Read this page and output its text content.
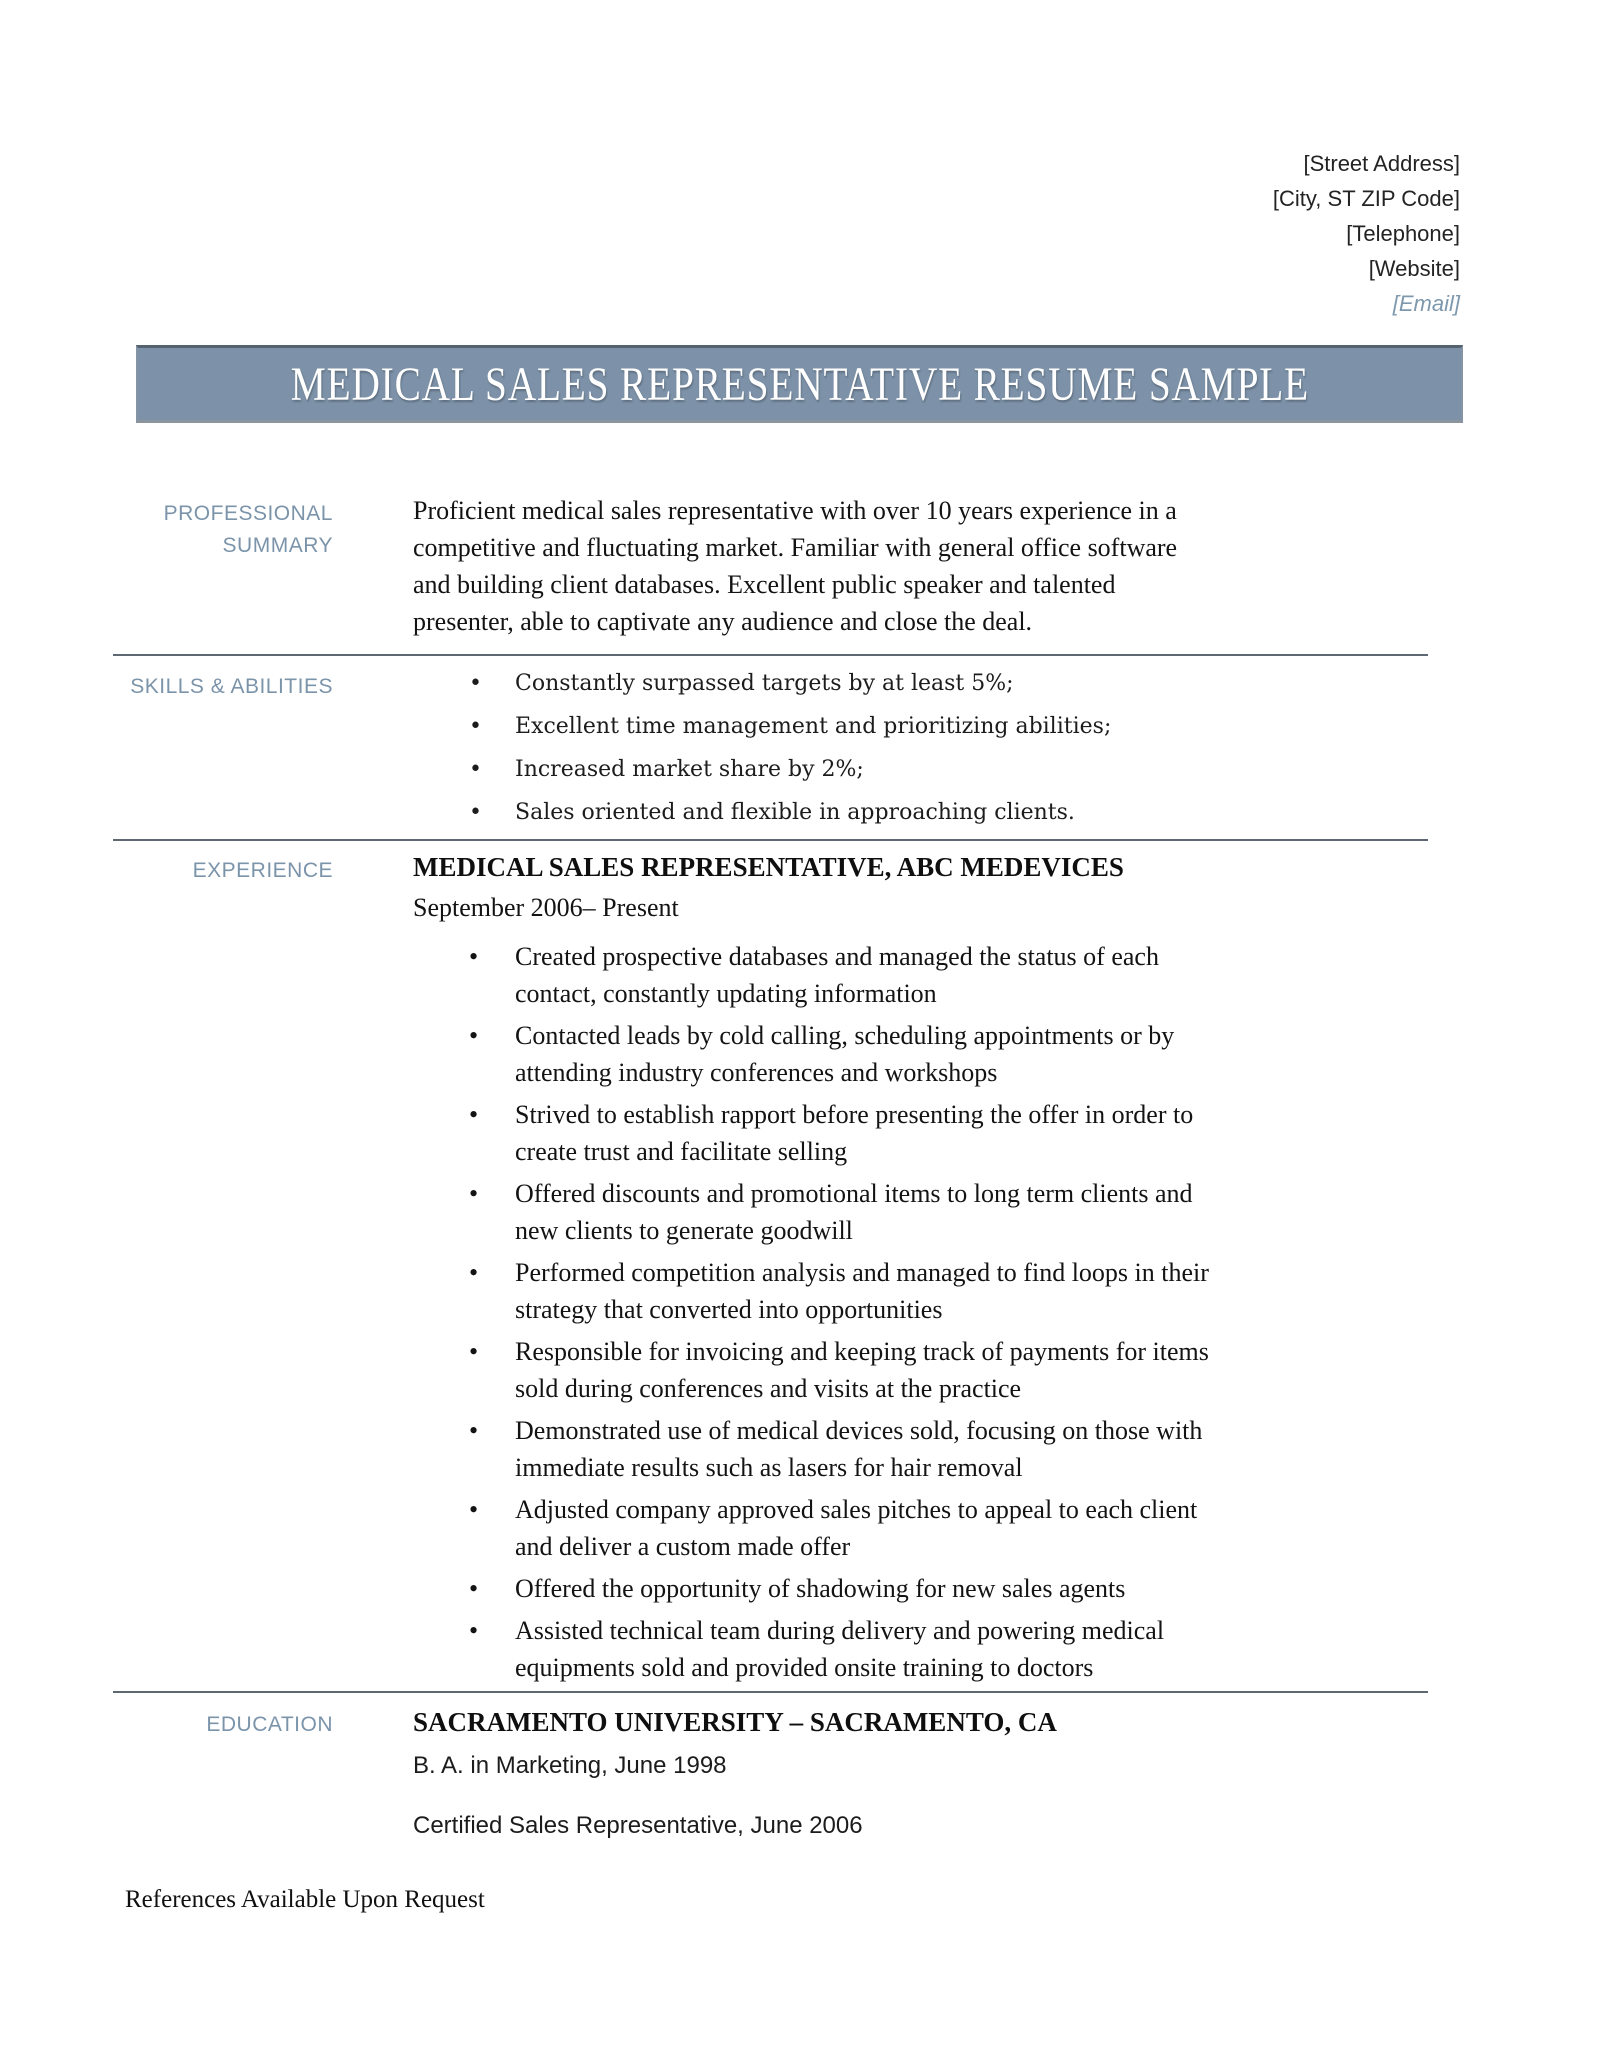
[Street Address]
[City, ST ZIP Code]
[Telephone]
[Website]
[Email]
MEDICAL SALES REPRESENTATIVE RESUME SAMPLE
PROFESSIONAL SUMMARY
Proficient medical sales representative with over 10 years experience in a competitive and fluctuating market. Familiar with general office software and building client databases. Excellent public speaker and talented presenter, able to captivate any audience and close the deal.
SKILLS & ABILITIES	• Constantly surpassed targets by at least 5%;
• Excellent time management and prioritizing abilities;
• Increased market share by 2%;
• Sales oriented and flexible in approaching clients.
EXPERIENCE	MEDICAL SALES REPRESENTATIVE, ABC MEDEVICES
September 2006– Present
• Created prospective databases and managed the status of each contact, constantly updating information
• Contacted leads by cold calling, scheduling appointments or by attending industry conferences and workshops
• Strived to establish rapport before presenting the offer in order to create trust and facilitate selling
• Offered discounts and promotional items to long term clients and new clients to generate goodwill
• Performed competition analysis and managed to find loops in their strategy that converted into opportunities
• Responsible for invoicing and keeping track of payments for items sold during conferences and visits at the practice
• Demonstrated use of medical devices sold, focusing on those with immediate results such as lasers for hair removal
• Adjusted company approved sales pitches to appeal to each client and deliver a custom made offer
• Offered the opportunity of shadowing for new sales agents
• Assisted technical team during delivery and powering medical equipments sold and provided onsite training to doctors
EDUCATION	SACRAMENTO UNIVERSITY – SACRAMENTO, CA
B. A. in Marketing, June 1998
Certified Sales Representative, June 2006
References Available Upon Request
